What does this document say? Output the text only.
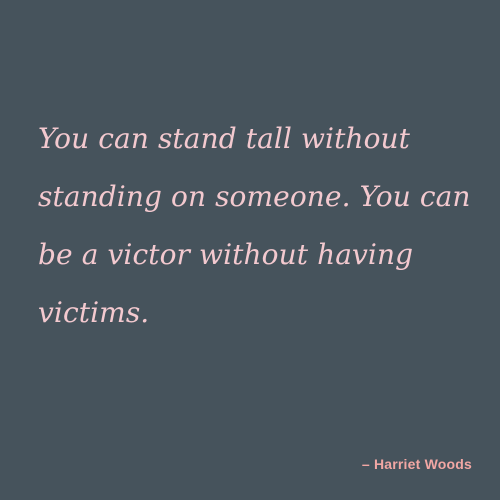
You can stand tall without
standing on someone. You can
be a victor without having
victims.

– Harriet Woods
